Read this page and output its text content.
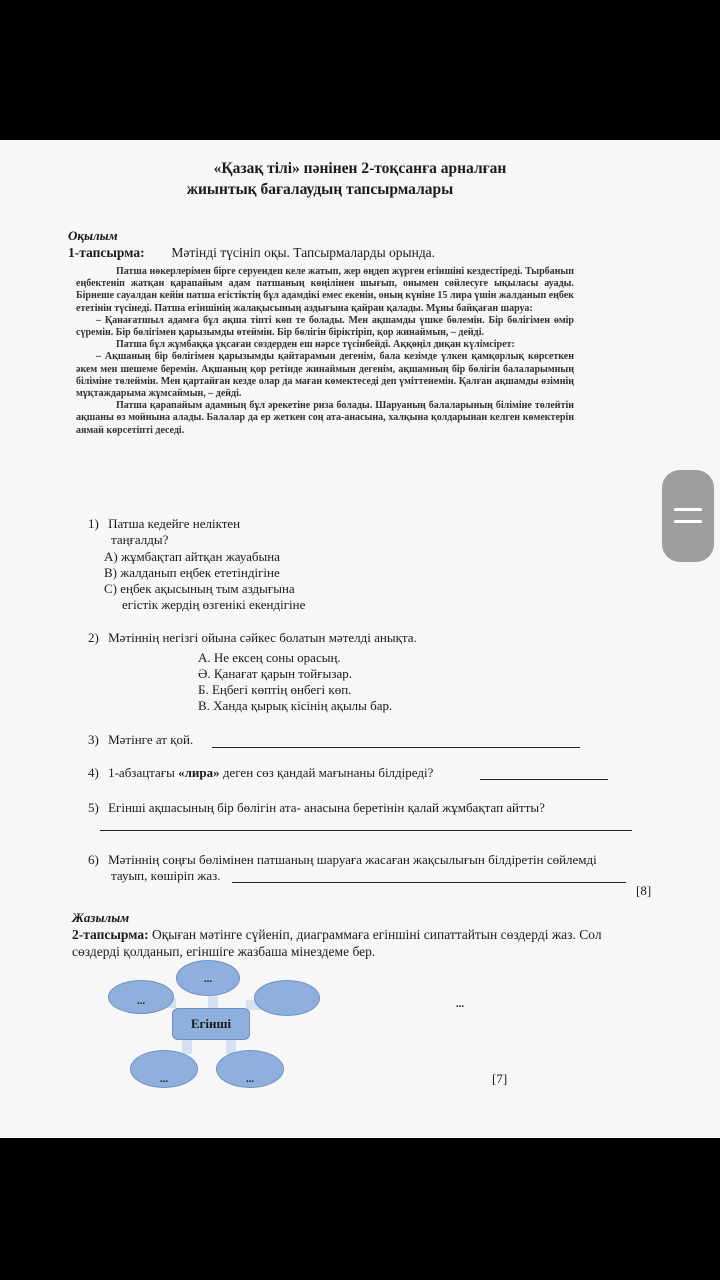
«Қазақ тілі» пәнінен 2-тоқсанға арналған
жиынтық бағалаудың тапсырмалары
Оқылым
1-тапсырма: Мәтінді түсініп оқы. Тапсырмаларды орында.

Патша нөкерлерімен бірге серуендеп келе жатып, жер өңдеп жүрген егіншіні кездестіреді. Тырбанып еңбектеніп жатқан қарапайым адам патшаның көңілінен шығып, онымен сөйлесуге ықыласы ауады. Бірнеше сауалдан кейін патша егістіктің бұл адамдікі емес екенін, оның күніне 15 лира үшін жалданып еңбек ететінін түсінеді. Патша егіншінің жалақысының аздығына қайран қалады. Мұны байқаған шаруа:

– Қанағатшыл адамға бұл ақша тіпті көп те болады. Мен ақшамды үшке бөлемін. Бір бөлігімен өмір сүремін. Бір бөлігімен қарызымды өтеймін. Бір бөлігін біріктіріп, қор жинаймын, – дейді.

Патша бұл жұмбаққа ұқсаған сөздерден еш нәрсе түсінбейді. Аққөңіл диқан күлімсірет:

– Ақшаның бір бөлігімен қарызымды қайтарамын дегенім, бала кезімде үлкен қамқорлық көрсеткен әкем мен шешеме беремін. Ақшаның қор ретінде жинаймын дегенім, ақшамның бір бөлігін балаларымның біліміне төлеймін. Мен қартайған кезде олар да маған көмектеседі деп үміттенемін. Қалған ақшамды өзімнің мұқтаждарыма жұмсаймын, – дейді.

Патша қарапайым адамның бұл әрекетіне риза болады. Шаруаның балаларының біліміне төлейтін ақшаны өз мойнына алады. Балалар да ер жеткен соң ата-анасына, халқына қолдарынан келген көмектерін аямай көрсетіпті деседі.

1) Патша кедейге неліктен
таңғалды?
А) жұмбақтап айтқан жауабына
В) жалданып еңбек ететіндігіне
С) еңбек ақысының тым аздығына
егістік жердің өзгенікі екендігіне
2) Мәтіннің негізгі ойына сәйкес болатын мәтелді анықта.
А. Не ексең соны орасың.
Ә. Қанағат қарын тойғызар.
Б. Еңбегі көптің өнбегі көп.
В. Ханда қырық кісінің ақылы бар.
3) Мәтінге ат қой.
4) 1-абзацтағы «лира» деген сөз қандай мағынаны білдіреді?
5) Егінші ақшасының бір бөлігін ата- анасына беретінін қалай жұмбақтап айтты?
6) Мәтіннің соңғы бөлімінен патшаның шаруаға жасаған жақсылығын білдіретін сөйлемді
тауып, көшіріп жаз.
[8]
Жазылым
2-тапсырма: Оқыған мәтінге сүйеніп, диаграммаға егіншіні сипаттайтын сөздерді жаз. Сол
сөздерді қолданып, егіншіге жазбаша мінездеме бер.
...
...
Егінші
...	...
...
[7]
